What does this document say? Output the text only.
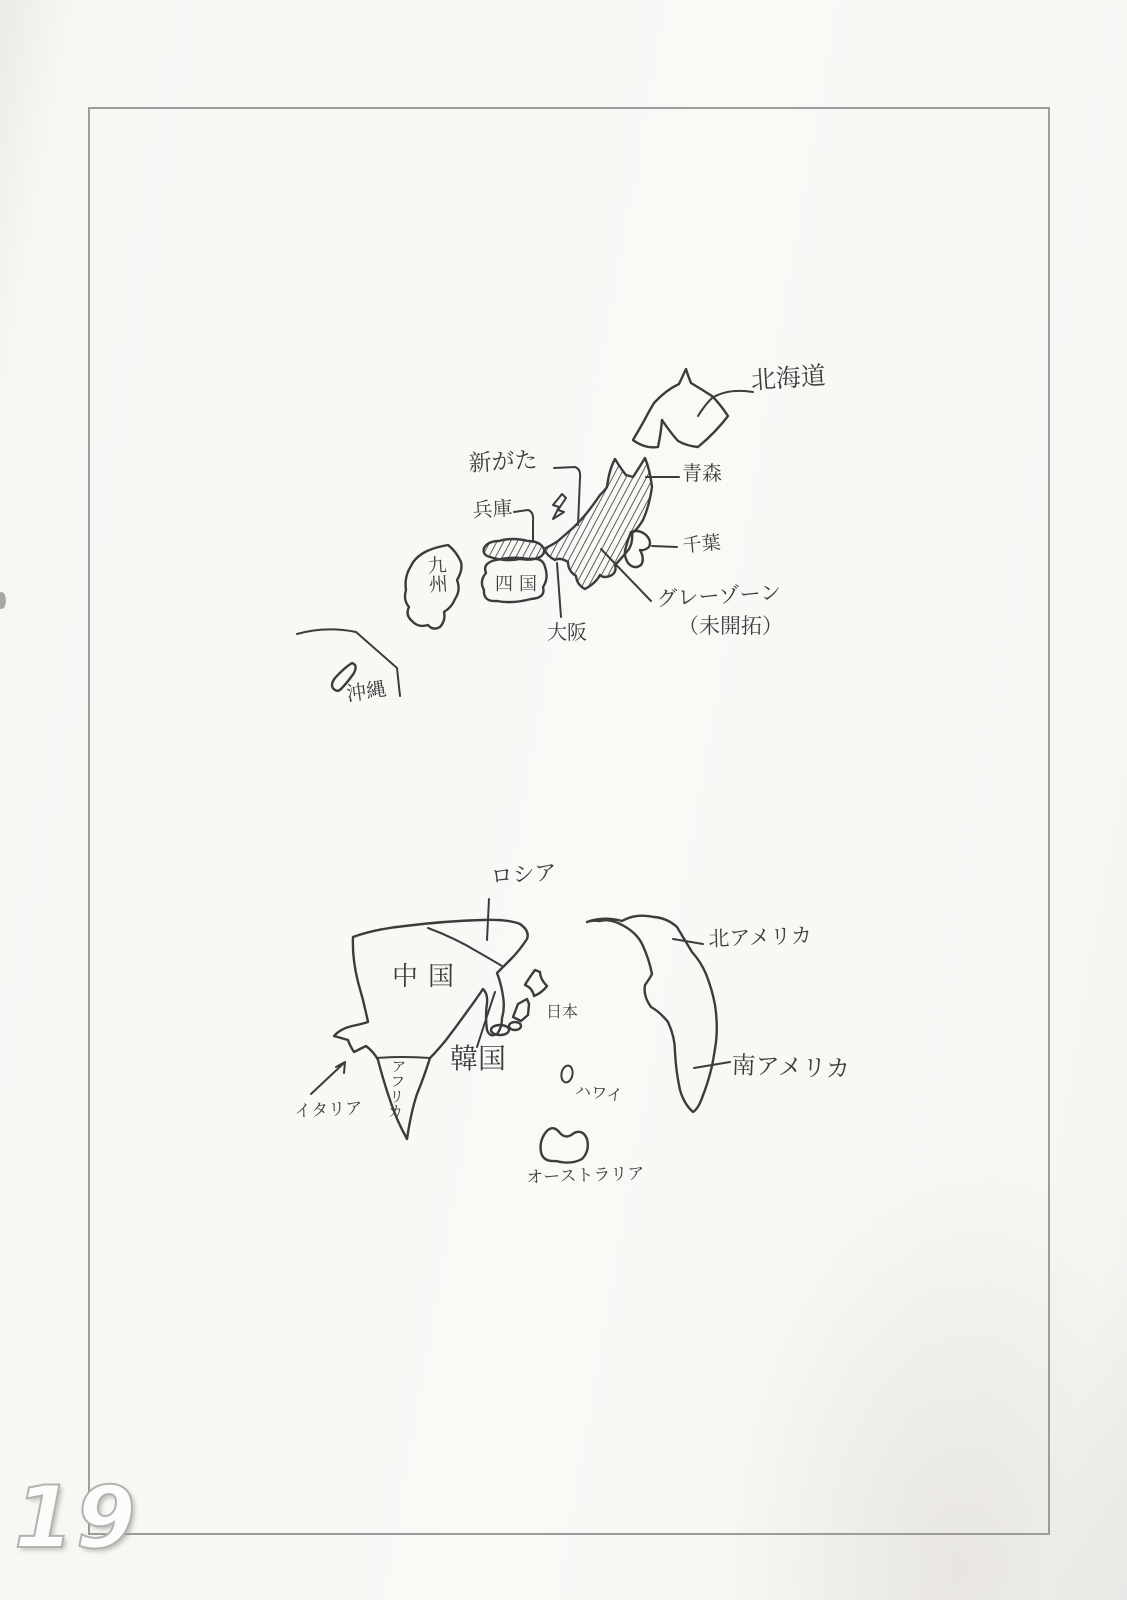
北海道
新がた	青森
兵庫
千葉
グレーゾーン
（未開拓）
大阪
九州	四国
沖縄
ロシア
中国
北アメリカ
日本
韓国
ハワイ
南アメリカ
アフリカ
イタリア
オーストラリア
19
